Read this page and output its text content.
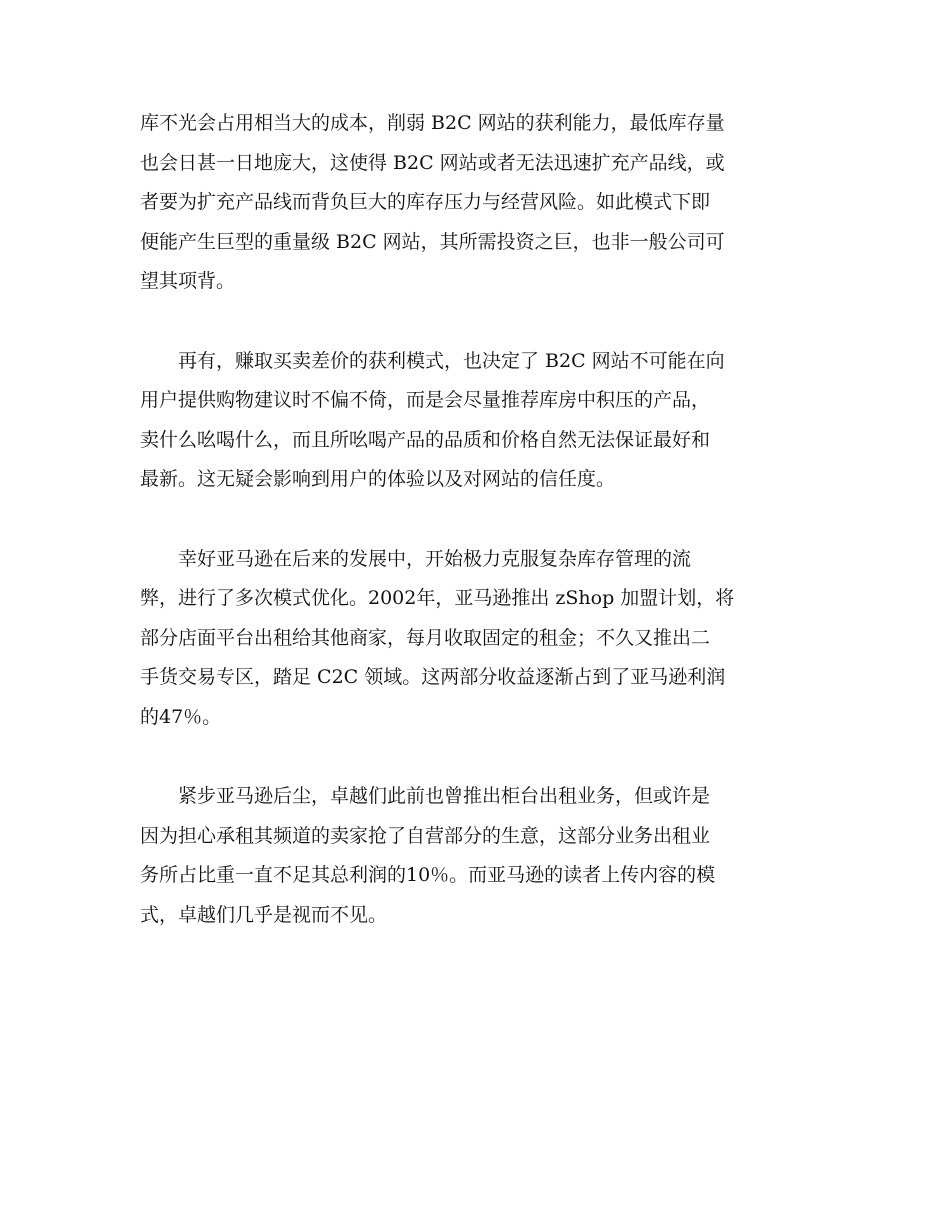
库不光会占用相当大的成本，削弱 B2C 网站的获利能力，最低库存量
也会日甚一日地庞大，这使得 B2C 网站或者无法迅速扩充产品线，或
者要为扩充产品线而背负巨大的库存压力与经营风险。如此模式下即
便能产生巨型的重量级 B2C 网站，其所需投资之巨，也非一般公司可
望其项背。

再有，赚取买卖差价的获利模式，也决定了 B2C 网站不可能在向
用户提供购物建议时不偏不倚，而是会尽量推荐库房中积压的产品，
卖什么吆喝什么，而且所吆喝产品的品质和价格自然无法保证最好和
最新。这无疑会影响到用户的体验以及对网站的信任度。

幸好亚马逊在后来的发展中，开始极力克服复杂库存管理的流
弊，进行了多次模式优化。2002年，亚马逊推出 zShop 加盟计划，将
部分店面平台出租给其他商家，每月收取固定的租金；不久又推出二
手货交易专区，踏足 C2C 领域。这两部分收益逐渐占到了亚马逊利润
的47％。

紧步亚马逊后尘，卓越们此前也曾推出柜台出租业务，但或许是
因为担心承租其频道的卖家抢了自营部分的生意，这部分业务出租业
务所占比重一直不足其总利润的10％。而亚马逊的读者上传内容的模
式，卓越们几乎是视而不见。
